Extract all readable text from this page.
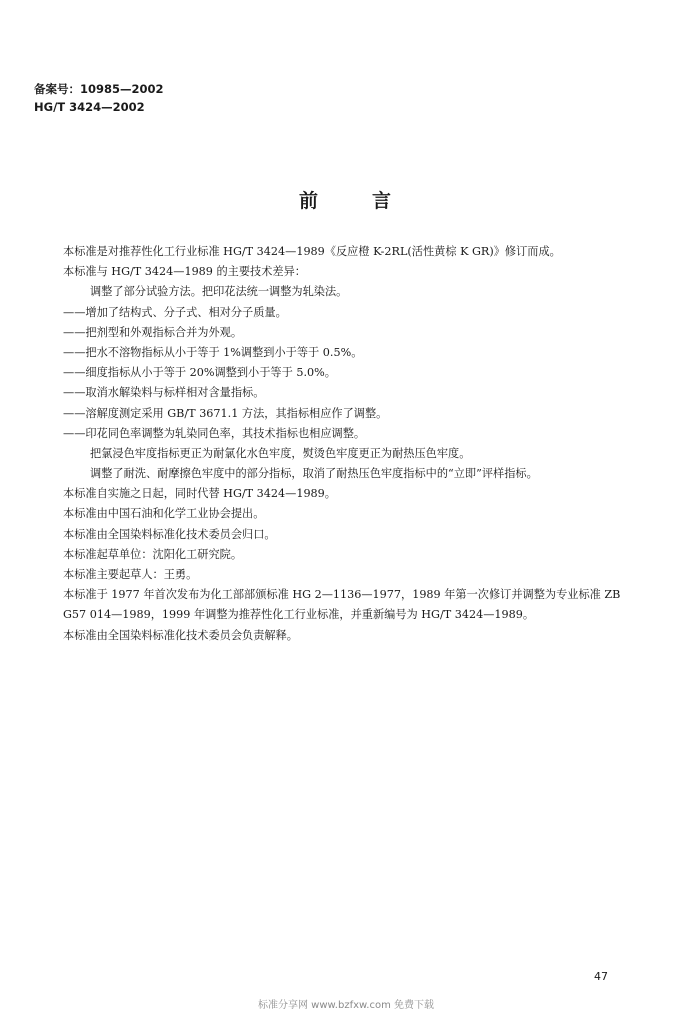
备案号：10985—2002
HG/T 3424—2002
前	言
本标准是对推荐性化工行业标准 HG/T 3424—1989《反应橙 K-2RL(活性黄棕 K GR)》修订而成。
本标准与 HG/T 3424—1989 的主要技术差异：
调整了部分试验方法。把印花法统一调整为轧染法。
——增加了结构式、分子式、相对分子质量。
——把剂型和外观指标合并为外观。
——把水不溶物指标从小于等于 1%调整到小于等于 0.5%。
——细度指标从小于等于 20%调整到小于等于 5.0%。
——取消水解染料与标样相对含量指标。
——溶解度测定采用 GB/T 3671.1 方法，其指标相应作了调整。
——印花同色率调整为轧染同色率，其技术指标也相应调整。
把氯浸色牢度指标更正为耐氯化水色牢度，熨烫色牢度更正为耐热压色牢度。
调整了耐洗、耐摩擦色牢度中的部分指标，取消了耐热压色牢度指标中的“立即”评样指标。
本标准自实施之日起，同时代替 HG/T 3424—1989。
本标准由中国石油和化学工业协会提出。
本标准由全国染料标准化技术委员会归口。
本标准起草单位：沈阳化工研究院。
本标准主要起草人：王勇。
本标准于 1977 年首次发布为化工部部颁标准 HG 2—1136—1977，1989 年第一次修订并调整为专业标准 ZB G57 014—1989，1999 年调整为推荐性化工行业标准，并重新编号为 HG/T 3424—1989。
本标准由全国染料标准化技术委员会负责解释。
47
标准分享网 www.bzfxw.com 免费下载
